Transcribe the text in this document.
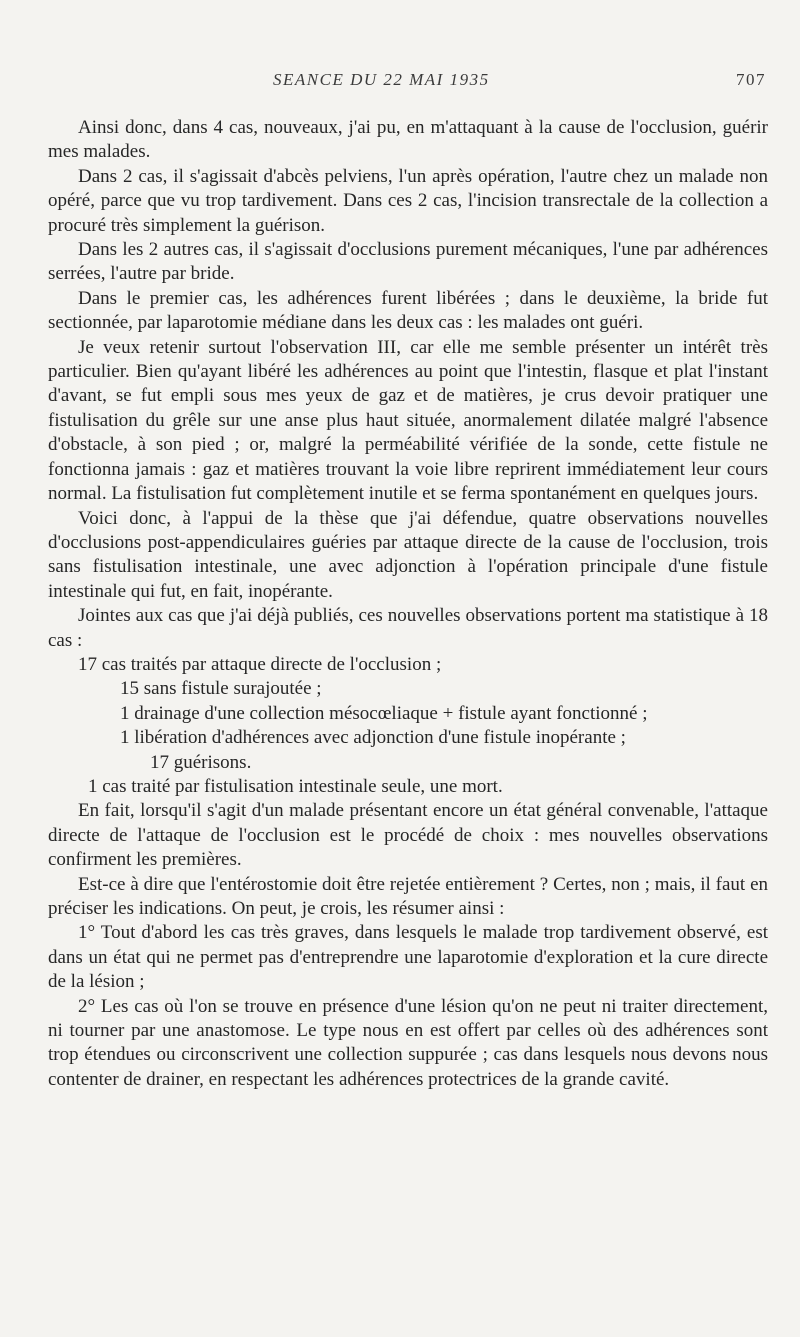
SEANCE DU 22 MAI 1935	707

Ainsi donc, dans 4 cas, nouveaux, j'ai pu, en m'attaquant à la cause de l'occlusion, guérir mes malades.

Dans 2 cas, il s'agissait d'abcès pelviens, l'un après opération, l'autre chez un malade non opéré, parce que vu trop tardivement. Dans ces 2 cas, l'incision transrectale de la collection a procuré très simplement la guérison.

Dans les 2 autres cas, il s'agissait d'occlusions purement mécaniques, l'une par adhérences serrées, l'autre par bride.

Dans le premier cas, les adhérences furent libérées ; dans le deuxième, la bride fut sectionnée, par laparotomie médiane dans les deux cas : les malades ont guéri.

Je veux retenir surtout l'observation III, car elle me semble présenter un intérêt très particulier. Bien qu'ayant libéré les adhérences au point que l'intestin, flasque et plat l'instant d'avant, se fut empli sous mes yeux de gaz et de matières, je crus devoir pratiquer une fistulisation du grêle sur une anse plus haut située, anormalement dilatée malgré l'absence d'obstacle, à son pied ; or, malgré la perméabilité vérifiée de la sonde, cette fistule ne fonctionna jamais : gaz et matières trouvant la voie libre reprirent immédiatement leur cours normal. La fistulisation fut complètement inutile et se ferma spontanément en quelques jours.

Voici donc, à l'appui de la thèse que j'ai défendue, quatre observations nouvelles d'occlusions post-appendiculaires guéries par attaque directe de la cause de l'occlusion, trois sans fistulisation intestinale, une avec adjonction à l'opération principale d'une fistule intestinale qui fut, en fait, inopérante.

Jointes aux cas que j'ai déjà publiés, ces nouvelles observations portent ma statistique à 18 cas :

17 cas traités par attaque directe de l'occlusion ;

15 sans fistule surajoutée ;

1 drainage d'une collection mésocœliaque + fistule ayant fonctionné ;

1 libération d'adhérences avec adjonction d'une fistule inopérante ;

17 guérisons.

1 cas traité par fistulisation intestinale seule, une mort.

En fait, lorsqu'il s'agit d'un malade présentant encore un état général convenable, l'attaque directe de l'attaque de l'occlusion est le procédé de choix : mes nouvelles observations confirment les premières.

Est-ce à dire que l'entérostomie doit être rejetée entièrement ? Certes, non ; mais, il faut en préciser les indications. On peut, je crois, les résumer ainsi :

1° Tout d'abord les cas très graves, dans lesquels le malade trop tardivement observé, est dans un état qui ne permet pas d'entreprendre une laparotomie d'exploration et la cure directe de la lésion ;

2° Les cas où l'on se trouve en présence d'une lésion qu'on ne peut ni traiter directement, ni tourner par une anastomose. Le type nous en est offert par celles où des adhérences sont trop étendues ou circonscrivent une collection suppurée ; cas dans lesquels nous devons nous contenter de drainer, en respectant les adhérences protectrices de la grande cavité.
